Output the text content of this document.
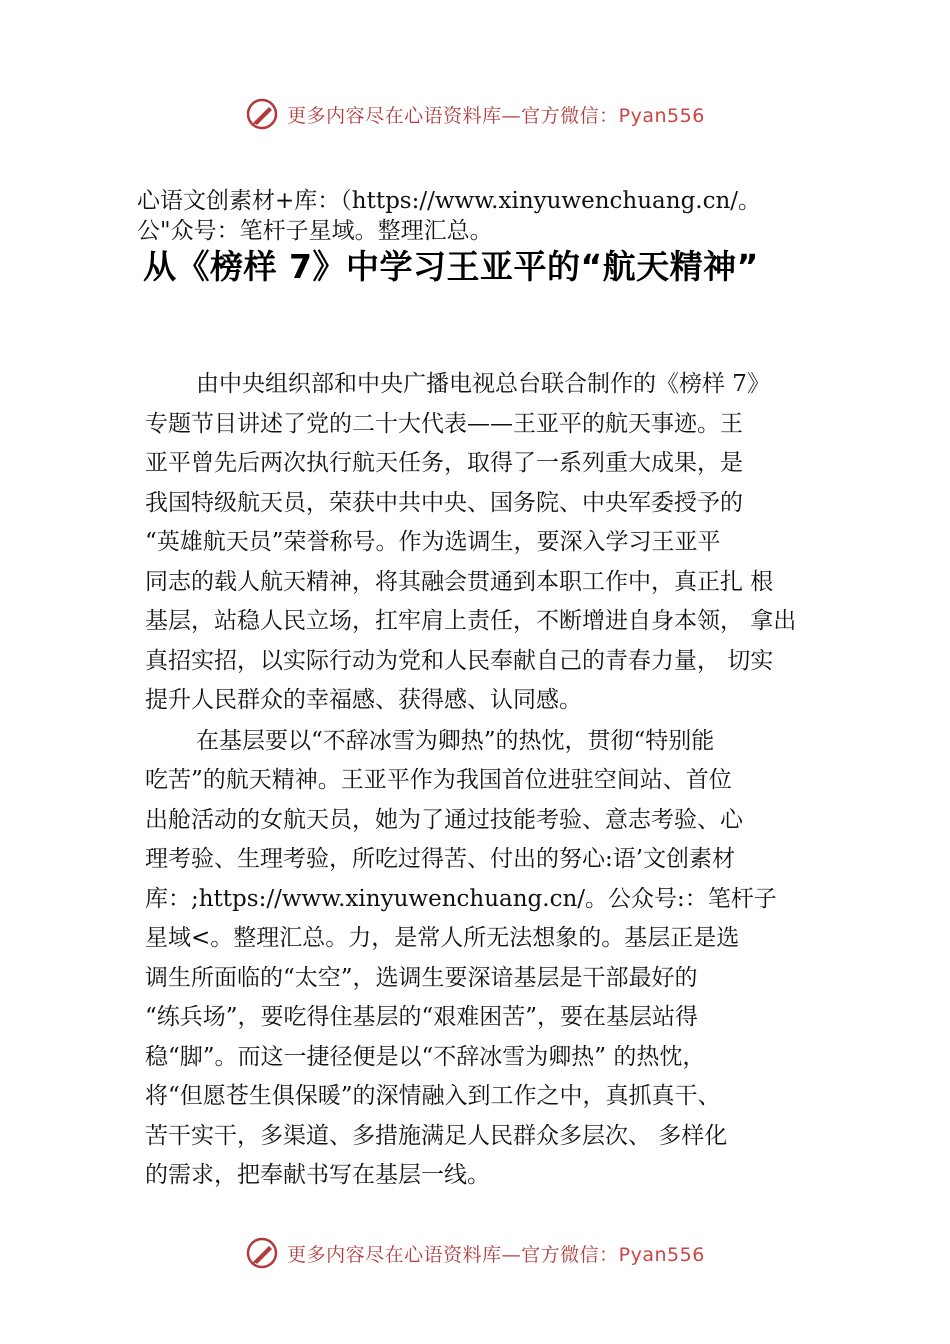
更多内容尽在心语资料库—官方微信：Pyan556
心语文创素材+库：（https://www.xinyuwenchuang.cn/。
公"众号：笔杆子星域。整理汇总。
从《榜样 7》中学习王亚平的“航天精神”
由中央组织部和中央广播电视总台联合制作的《榜样 7》
专题节目讲述了党的二十大代表——王亚平的航天事迹。王
亚平曾先后两次执行航天任务，取得了一系列重大成果，是
我国特级航天员，荣获中共中央、国务院、中央军委授予的
“英雄航天员”荣誉称号。作为选调生，要深入学习王亚平
同志的载人航天精神，将其融会贯通到本职工作中，真正扎 根
基层，站稳人民立场，扛牢肩上责任，不断增进自身本领， 拿出
真招实招，以实际行动为党和人民奉献自己的青春力量， 切实
提升人民群众的幸福感、获得感、认同感。
在基层要以“不辞冰雪为卿热”的热忱，贯彻“特别能
吃苦”的航天精神。王亚平作为我国首位进驻空间站、首位
出舱活动的女航天员，她为了通过技能考验、意志考验、心
理考验、生理考验，所吃过得苦、付出的努心:语’文创素材
库：;https://www.xinyuwenchuang.cn/。公众号:：笔杆子
星域<。整理汇总。力，是常人所无法想象的。基层正是选
调生所面临的“太空”，选调生要深谙基层是干部最好的
“练兵场”，要吃得住基层的“艰难困苦”，要在基层站得
稳“脚”。而这一捷径便是以“不辞冰雪为卿热” 的热忱，
将“但愿苍生俱保暖”的深情融入到工作之中，真抓真干、
苦干实干，多渠道、多措施满足人民群众多层次、 多样化
的需求，把奉献书写在基层一线。
更多内容尽在心语资料库—官方微信：Pyan556
